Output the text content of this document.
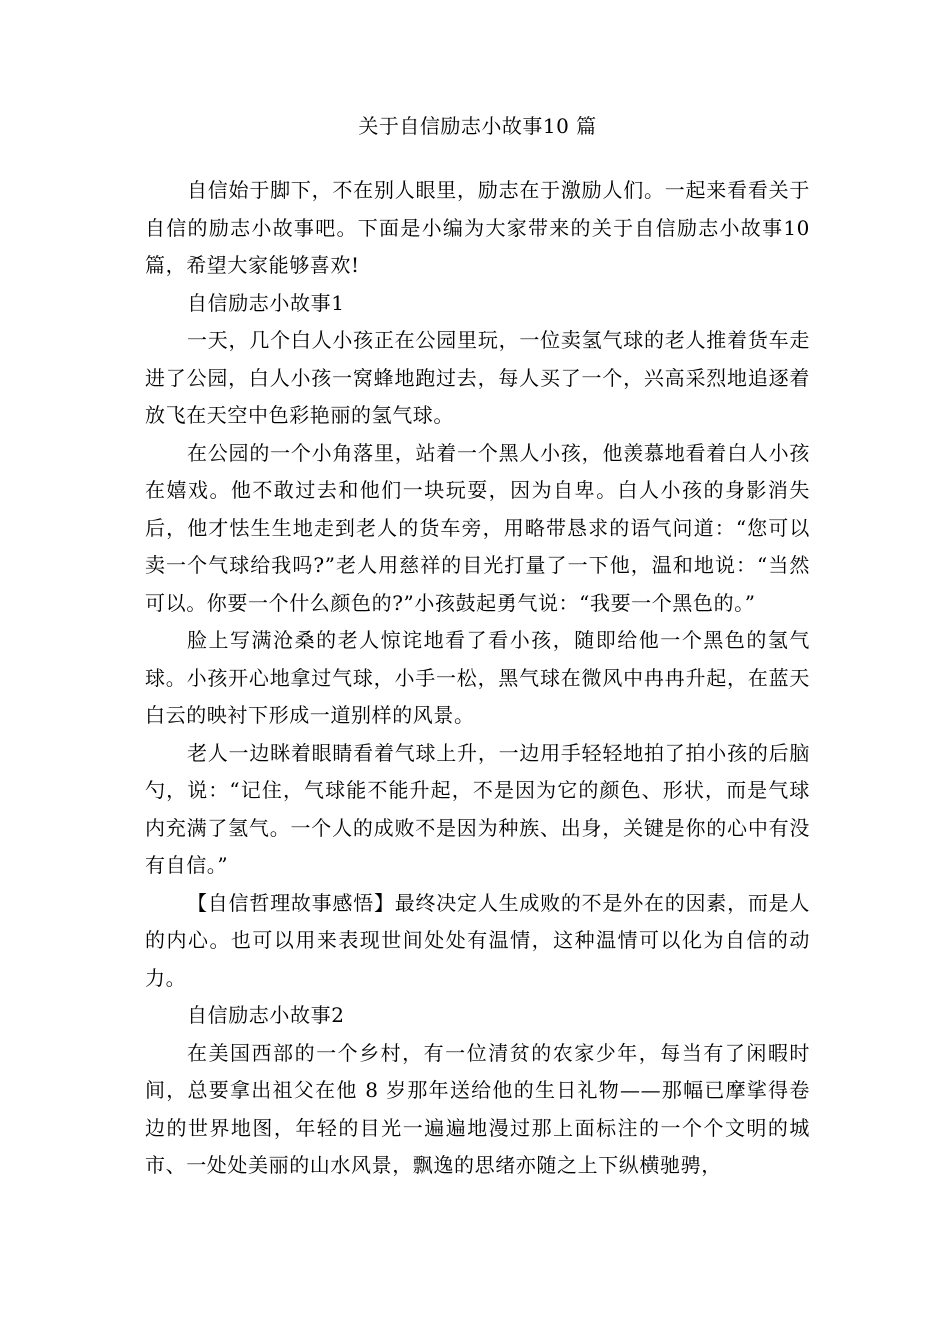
关于自信励志小故事10 篇

自信始于脚下，不在别人眼里，励志在于激励人们。一起来看看关于自信的励志小故事吧。下面是小编为大家带来的关于自信励志小故事10 篇，希望大家能够喜欢!

自信励志小故事1

一天，几个白人小孩正在公园里玩，一位卖氢气球的老人推着货车走进了公园，白人小孩一窝蜂地跑过去，每人买了一个，兴高采烈地追逐着放飞在天空中色彩艳丽的氢气球。

在公园的一个小角落里，站着一个黑人小孩，他羡慕地看着白人小孩在嬉戏。他不敢过去和他们一块玩耍，因为自卑。白人小孩的身影消失后，他才怯生生地走到老人的货车旁，用略带恳求的语气问道：“您可以卖一个气球给我吗?”老人用慈祥的目光打量了一下他，温和地说：“当然可以。你要一个什么颜色的?”小孩鼓起勇气说：“我要一个黑色的。”

脸上写满沧桑的老人惊诧地看了看小孩，随即给他一个黑色的氢气球。小孩开心地拿过气球，小手一松，黑气球在微风中冉冉升起，在蓝天白云的映衬下形成一道别样的风景。

老人一边眯着眼睛看着气球上升，一边用手轻轻地拍了拍小孩的后脑勺，说：“记住，气球能不能升起，不是因为它的颜色、形状，而是气球内充满了氢气。一个人的成败不是因为种族、出身，关键是你的心中有没有自信。”

【自信哲理故事感悟】最终决定人生成败的不是外在的因素，而是人的内心。也可以用来表现世间处处有温情，这种温情可以化为自信的动力。

自信励志小故事2

在美国西部的一个乡村，有一位清贫的农家少年，每当有了闲暇时间，总要拿出祖父在他 8 岁那年送给他的生日礼物——那幅已摩挲得卷边的世界地图，年轻的目光一遍遍地漫过那上面标注的一个个文明的城市、一处处美丽的山水风景，飘逸的思绪亦随之上下纵横驰骋，
